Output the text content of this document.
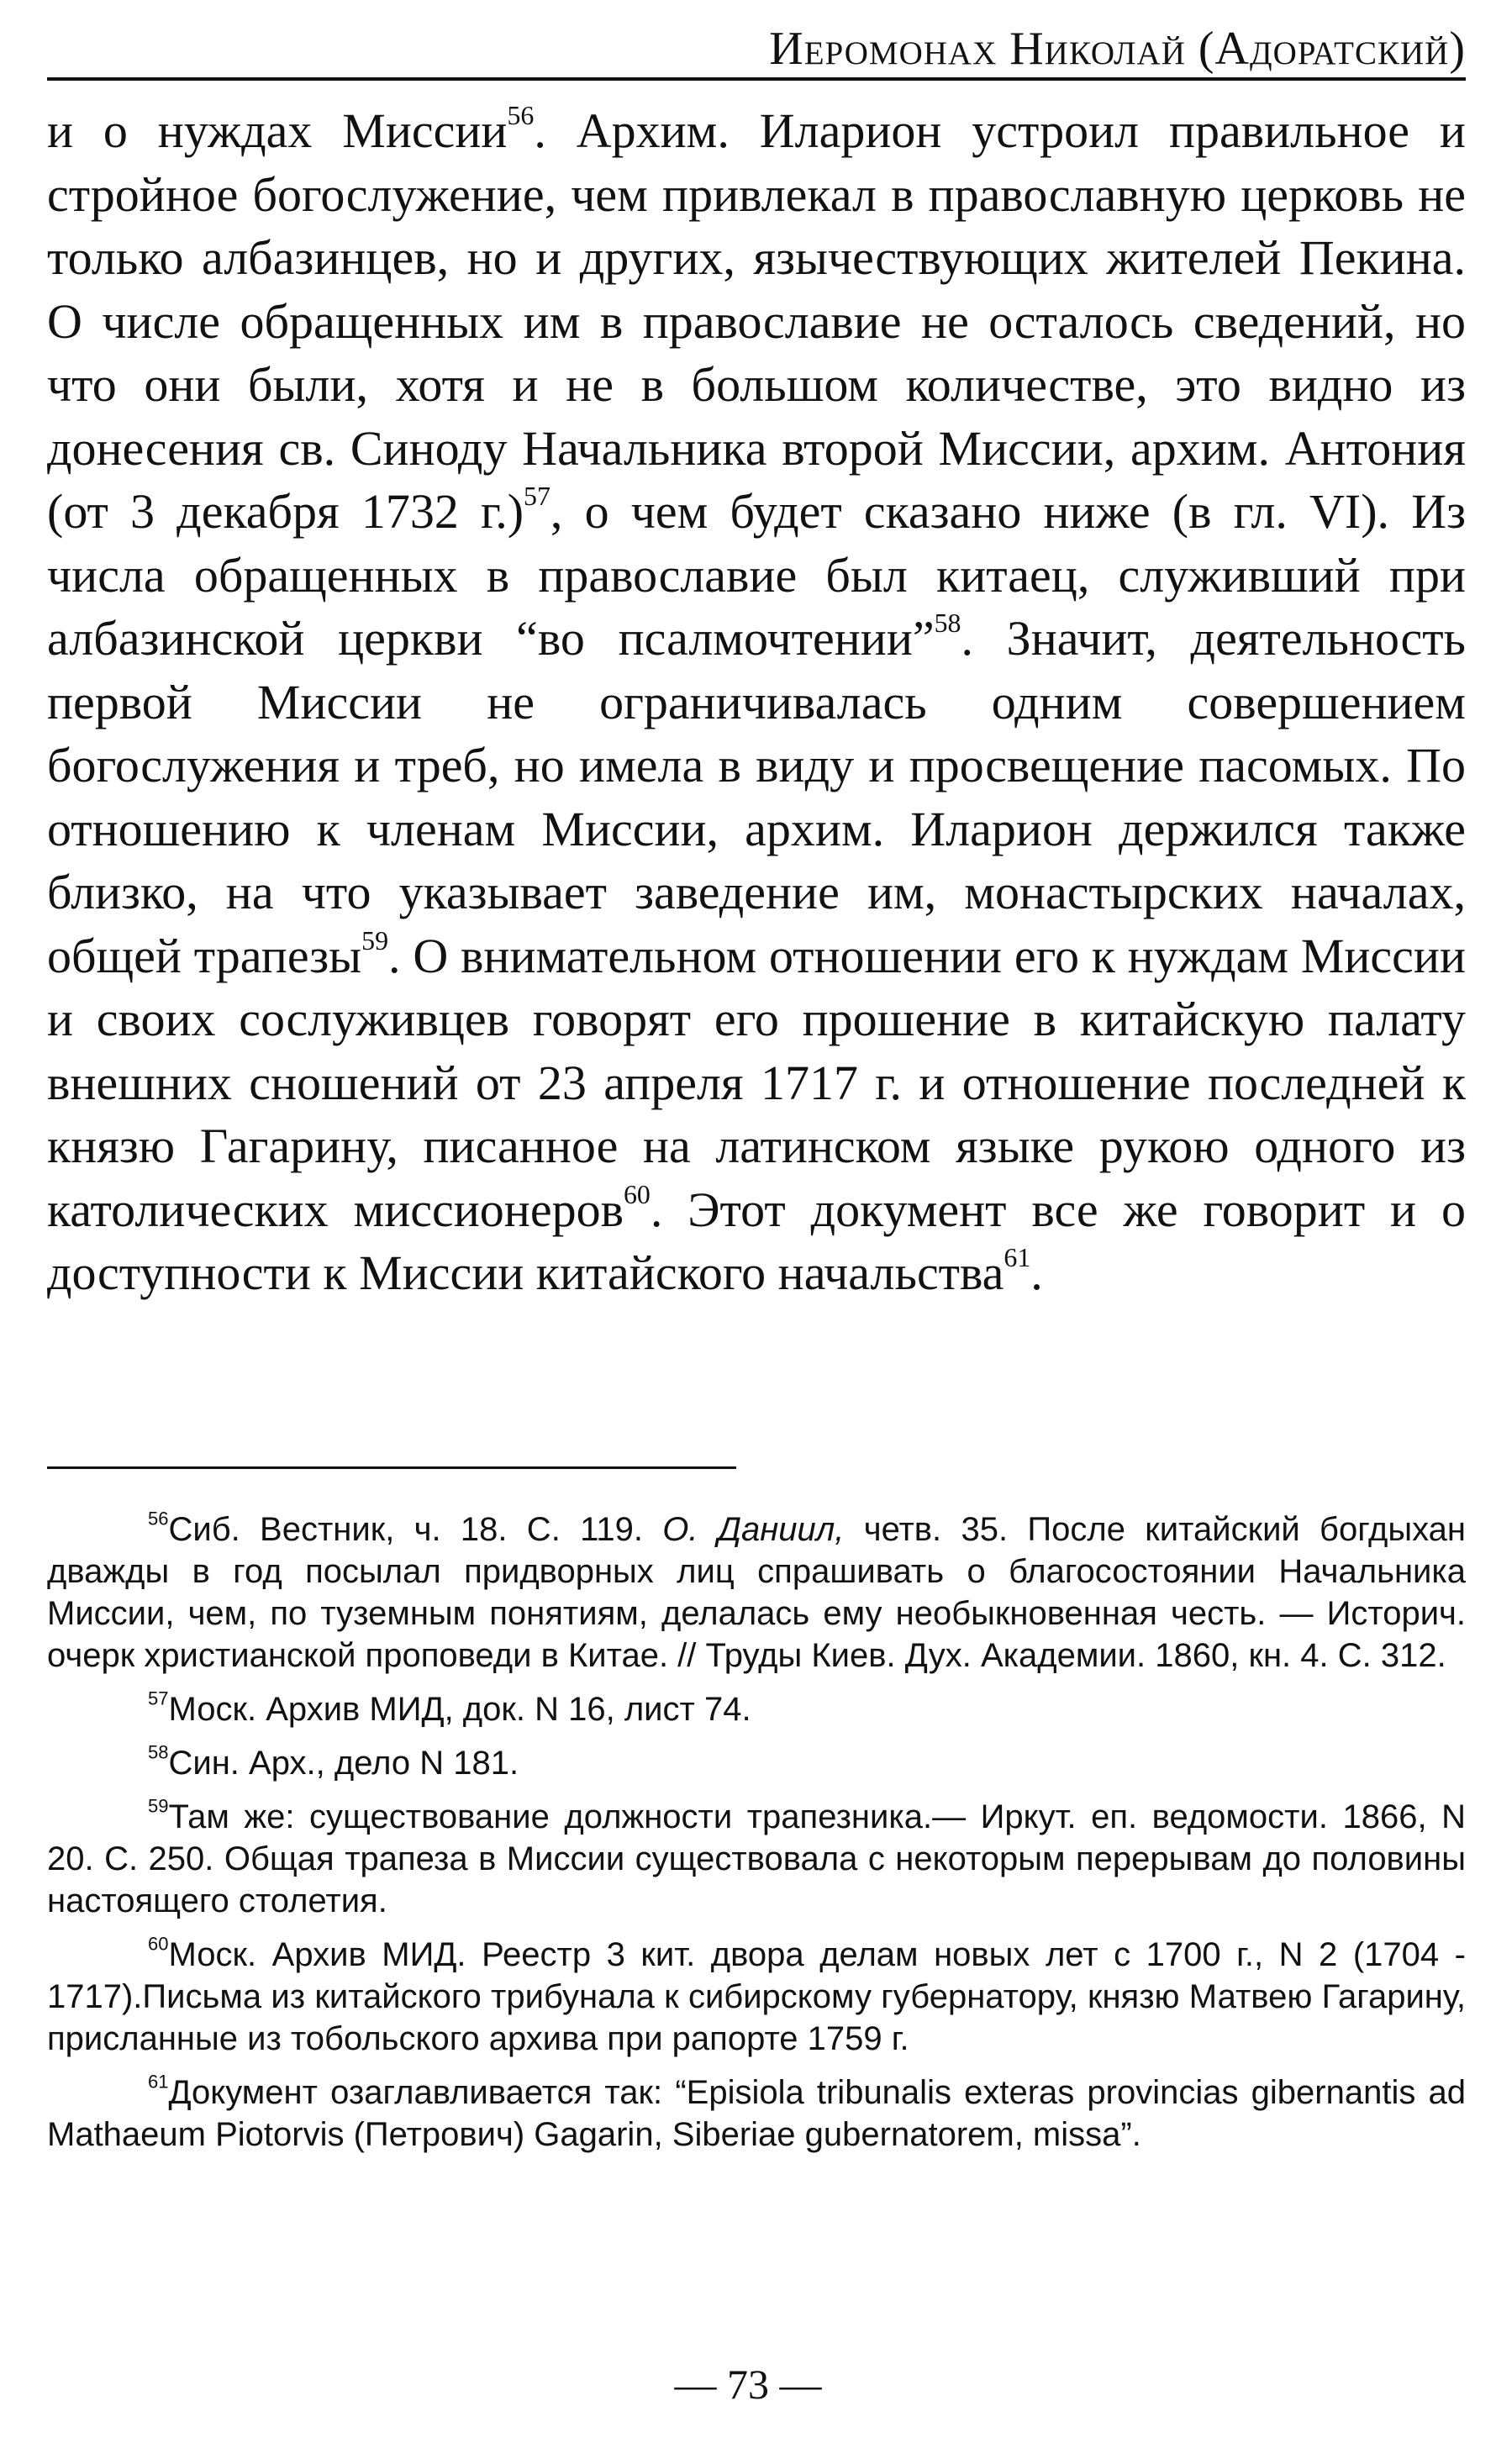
Иеромонах Николай (Адоратский)

и о нуждах Миссии$^{56}$. Архим. Иларион устроил правильное и стройное богослужение, чем привлекал в православную церковь не только албазинцев, но и других, язычествующих жителей Пекина. О числе обращенных им в православие не осталось сведений, но что они были, хотя и не в большом количестве, это видно из донесения св. Синоду Начальника второй Миссии, архим. Антония (от 3 декабря 1732 г.)$^{57}$, о чем будет сказано ниже (в гл. VI). Из числа обращенных в православие был китаец, служивший при албазинской церкви “во псалмочтении”$^{58}$. Значит, деятельность первой Миссии не ограничивалась одним совершением богослужения и треб, но имела в виду и просвещение пасомых. По отношению к членам Миссии, архим. Иларион держился также близко, на что указывает заведение им, монастырских началах, общей трапезы$^{59}$. О внимательном отношении его к нуждам Миссии и своих сослуживцев говорят его прошение в китайскую палату внешних сношений от 23 апреля 1717 г. и отношение последней к князю Гагарину, писанное на латинском языке рукою одного из католических миссионеров$^{60}$. Этот документ все же говорит и о доступности к Миссии китайского начальства$^{61}$.

$^{56}$Сиб. Вестник, ч. 18. С. 119. О. Даниил, четв. 35. После китайский богдыхан дважды в год посылал придворных лиц спрашивать о благосостоянии Начальника Миссии, чем, по туземным понятиям, делалась ему необыкновенная честь. — Историч. очерк христианской проповеди в Китае. // Труды Киев. Дух. Академии. 1860, кн. 4. С. 312.

$^{57}$Моск. Архив МИД, док. N 16, лист 74.

$^{58}$Син. Арх., дело N 181.

$^{59}$Там же: существование должности трапезника.— Иркут. еп. ведомости. 1866, N 20. С. 250. Общая трапеза в Миссии существовала с некоторым перерывам до половины настоящего столетия.

$^{60}$Моск. Архив МИД. Реестр 3 кит. двора делам новых лет с 1700 г., N 2 (1704 - 1717).Письма из китайского трибунала к сибирскому губернатору, князю Матвею Гагарину, присланные из тобольского архива при рапорте 1759 г.

$^{61}$Документ озаглавливается так: “Episiola tribunalis exteras provincias gibernantis ad Mathaeum Piotorvis (Петрович) Gagarin, Siberiae gubernatorem, missa”.

— 73 —
